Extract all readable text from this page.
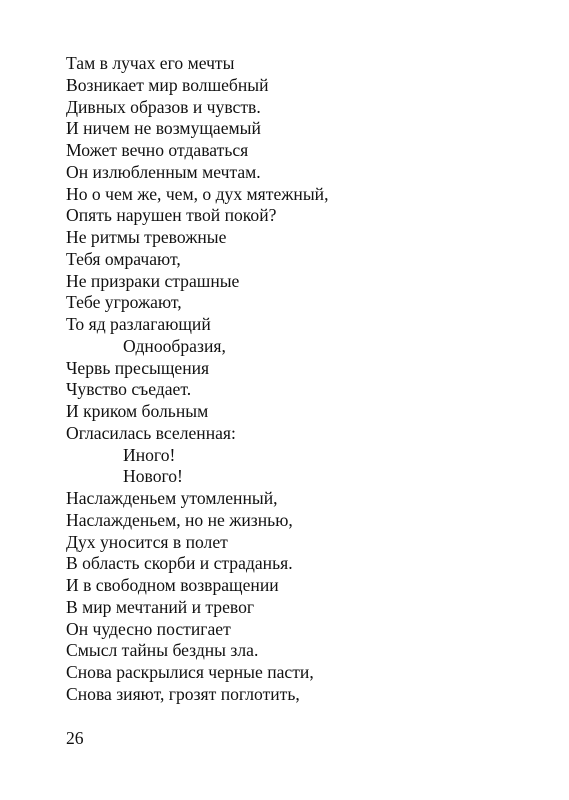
Там в лучах его мечты
Возникает мир волшебный
Дивных образов и чувств.
И ничем не возмущаемый
Может вечно отдаваться
Он излюбленным мечтам.
Но о чем же, чем, о дух мятежный,
Опять нарушен твой покой?
Не ритмы тревожные
Тебя омрачают,
Не призраки страшные
Тебе угрожают,
То яд разлагающий
Однообразия,
Червь пресыщения
Чувство съедает.
И криком больным
Огласилась вселенная:
Иного!
Нового!
Наслажденьем утомленный,
Наслажденьем, но не жизнью,
Дух уносится в полет
В область скорби и страданья.
И в свободном возвращении
В мир мечтаний и тревог
Он чудесно постигает
Смысл тайны бездны зла.
Снова раскрылися черные пасти,
Снова зияют, грозят поглотить,
26
